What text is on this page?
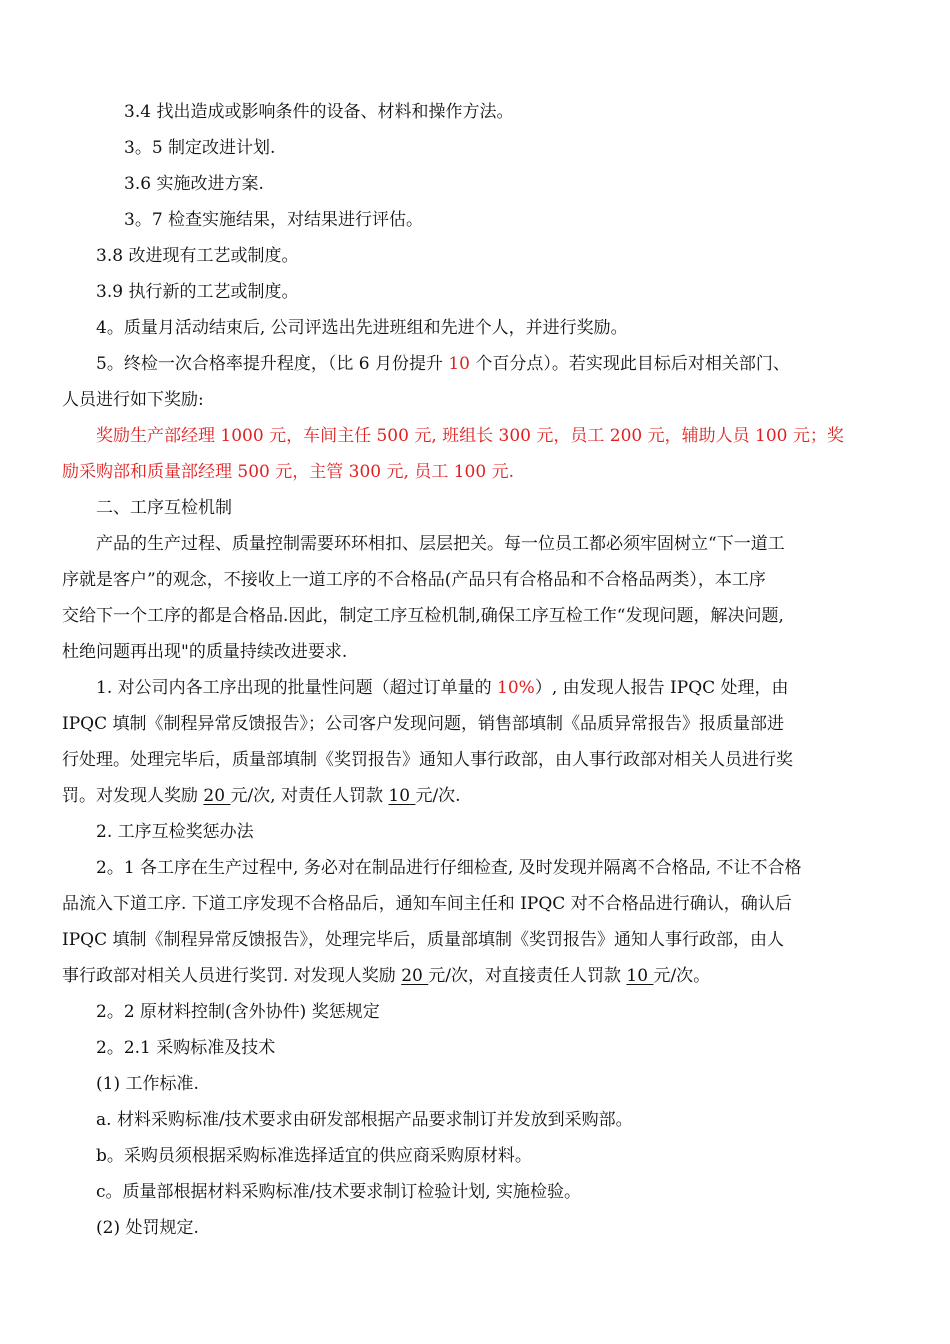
3.4 找出造成或影响条件的设备、材料和操作方法。
3。5 制定改进计划.
3.6 实施改进方案.
3。7 检查实施结果，对结果进行评估。
3.8 改进现有工艺或制度。
3.9 执行新的工艺或制度。
4。质量月活动结束后, 公司评选出先进班组和先进个人，并进行奖励。
5。终检一次合格率提升程度，（比 6 月份提升 10 个百分点）。若实现此目标后对相关部门、
人员进行如下奖励:
奖励生产部经理 1000 元，车间主任 500 元, 班组长 300 元，员工 200 元，辅助人员 100 元；奖
励采购部和质量部经理 500 元，主管 300 元, 员工 100 元.
二、工序互检机制
产品的生产过程、质量控制需要环环相扣、层层把关。每一位员工都必须牢固树立“下一道工
序就是客户”的观念，不接收上一道工序的不合格品(产品只有合格品和不合格品两类），本工序
交给下一个工序的都是合格品.因此，制定工序互检机制,确保工序互检工作“发现问题，解决问题,
杜绝问题再出现"的质量持续改进要求.
1. 对公司内各工序出现的批量性问题（超过订单量的 10%）, 由发现人报告 IPQC 处理，由
IPQC 填制《制程异常反馈报告》；公司客户发现问题，销售部填制《品质异常报告》报质量部进
行处理。处理完毕后，质量部填制《奖罚报告》通知人事行政部，由人事行政部对相关人员进行奖
罚。对发现人奖励 20 元/次, 对责任人罚款 10 元/次.
2. 工序互检奖惩办法
2。1 各工序在生产过程中, 务必对在制品进行仔细检查, 及时发现并隔离不合格品, 不让不合格
品流入下道工序. 下道工序发现不合格品后，通知车间主任和 IPQC 对不合格品进行确认，确认后
IPQC 填制《制程异常反馈报告》，处理完毕后，质量部填制《奖罚报告》通知人事行政部，由人
事行政部对相关人员进行奖罚. 对发现人奖励 20 元/次，对直接责任人罚款 10 元/次。
2。2 原材料控制(含外协件) 奖惩规定
2。2.1 采购标准及技术
(1) 工作标准.
a. 材料采购标准/技术要求由研发部根据产品要求制订并发放到采购部。
b。采购员须根据采购标准选择适宜的供应商采购原材料。
c。质量部根据材料采购标准/技术要求制订检验计划, 实施检验。
(2) 处罚规定.
